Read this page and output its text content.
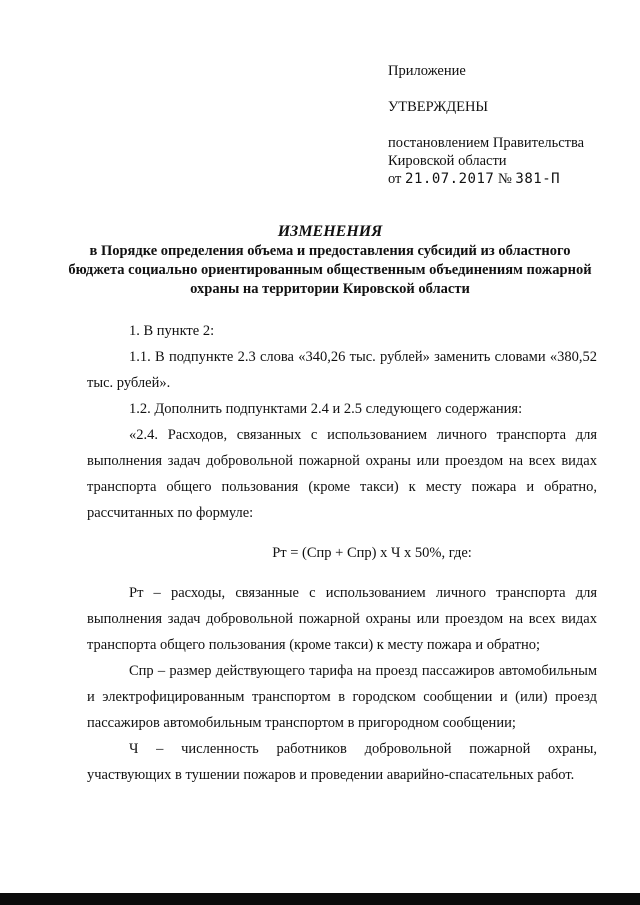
Приложение

УТВЕРЖДЕНЫ

постановлением Правительства

Кировской области

от 21.07.2017 № 381-П

ИЗМЕНЕНИЯ
в Порядке определения объема и предоставления субсидий из областного бюджета социально ориентированным общественным объединениям пожарной охраны на территории Кировской области

1. В пункте 2:

1.1. В подпункте 2.3 слова «340,26 тыс. рублей» заменить словами «380,52 тыс. рублей».

1.2. Дополнить подпунктами 2.4 и 2.5 следующего содержания:

«2.4. Расходов, связанных с использованием личного транспорта для выполнения задач добровольной пожарной охраны или проездом на всех видах транспорта общего пользования (кроме такси) к месту пожара и обратно, рассчитанных по формуле:

Рт = (Спр + Спр) х Ч х 50%, где:

Рт – расходы, связанные с использованием личного транспорта для выполнения задач добровольной пожарной охраны или проездом на всех видах транспорта общего пользования (кроме такси) к месту пожара и обратно;

Спр – размер действующего тарифа на проезд пассажиров автомобильным и электрофицированным транспортом в городском сообщении и (или) проезд пассажиров автомобильным транспортом в пригородном сообщении;

Ч – численность работников добровольной пожарной охраны, участвующих в тушении пожаров и проведении аварийно-спасательных работ.
